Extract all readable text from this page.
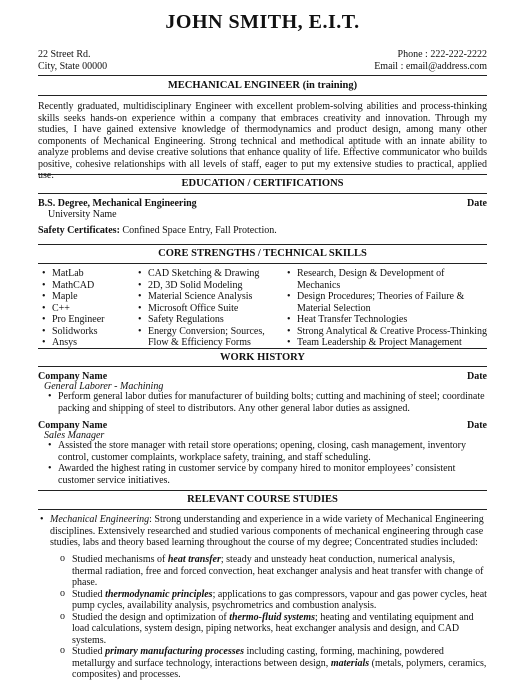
JOHN SMITH, E.I.T.
22 Street Rd.
City, State 00000
Phone : 222-222-2222
Email : email@address.com
MECHANICAL ENGINEER (in training)
Recently graduated, multidisciplinary Engineer with excellent problem-solving abilities and process-thinking skills seeks hands-on experience within a company that embraces creativity and innovation. Through my studies, I have gained extensive knowledge of thermodynamics and product design, among many other components of Mechanical Engineering. Strong technical and methodical aptitude with an innate ability to analyze problems and devise creative solutions that enhance quality of life. Effective communicator who builds positive, cohesive relationships with all levels of staff, eager to put my extensive studies to practical, applied use.
EDUCATION / CERTIFICATIONS
B.S. Degree, Mechanical Engineering	Date
University Name
Safety Certificates: Confined Space Entry, Fall Protection.
CORE STRENGTHS / TECHNICAL SKILLS
• MatLab
• MathCAD
• Maple
• C++
• Pro Engineer
• Solidworks
• Ansys
• CAD Sketching & Drawing
• 2D, 3D Solid Modeling
• Material Science Analysis
• Microsoft Office Suite
• Safety Regulations
• Energy Conversion; Sources, Flow & Efficiency Forms
• Research, Design & Development of Mechanics
• Design Procedures; Theories of Failure & Material Selection
• Heat Transfer Technologies
• Strong Analytical & Creative Process-Thinking
• Team Leadership & Project Management
WORK HISTORY
Company Name	Date
General Laborer - Machining
• Perform general labor duties for manufacturer of building bolts; cutting and machining of steel; coordinate packing and shipping of steel to distributors. Any other general labor duties as assigned.
Company Name	Date
Sales Manager
• Assisted the store manager with retail store operations; opening, closing, cash management, inventory control, customer complaints, workplace safety, training, and staff scheduling.
• Awarded the highest rating in customer service by company hired to monitor employees’ consistent customer service initiatives.
RELEVANT COURSE STUDIES
• Mechanical Engineering: Strong understanding and experience in a wide variety of Mechanical Engineering disciplines. Extensively researched and studied various components of mechanical engineering through case studies, labs and theory based learning throughout the course of my degree; Concentrated studies included:
o Studied mechanisms of heat transfer; steady and unsteady heat conduction, numerical analysis, thermal radiation, free and forced convection, heat exchanger analysis and heat transfer with change of phase.
o Studied thermodynamic principles; applications to gas compressors, vapour and gas power cycles, heat pump cycles, availability analysis, psychrometrics and combustion analysis.
o Studied the design and optimization of thermo-fluid systems; heating and ventilating equipment and load calculations, system design, piping networks, heat exchanger analysis and design, and CAD systems.
o Studied primary manufacturing processes including casting, forming, machining, powdered metallurgy and surface technology, interactions between design, materials (metals, polymers, ceramics, composites) and processes.
